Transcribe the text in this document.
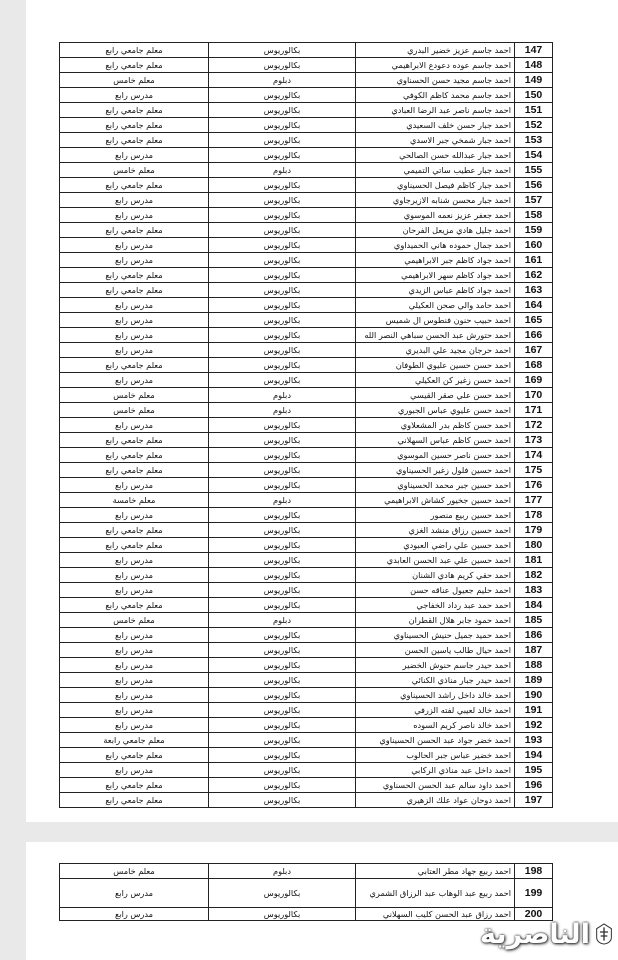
معلم جامعي رابع	بكالوريوس	احمد جاسم عزيز خضير البدري	147
معلم جامعي رابع	بكالوريوس	احمد جاسم عوده دعودع الابراهيمي	148
معلم خامس	دبلوم	احمد جاسم مجيد حسن الحسناوي	149
مدرس رابع	بكالوريوس	احمد جاسم محمد كاظم الكوفي	150
معلم جامعي رابع	بكالوريوس	احمد جاسم ناصر عبد الرضا العبادي	151
معلم جامعي رابع	بكالوريوس	احمد جبار حسن خلف السعيدي	152
معلم جامعي رابع	بكالوريوس	احمد جبار شمخي جبر الاسدي	153
مدرس رابع	بكالوريوس	احمد جبار عبدالله حسن الصالحي	154
معلم خامس	دبلوم	احمد جبار عطيب ساتي التميمي	155
معلم جامعي رابع	بكالوريوس	احمد جبار كاظم فيصل الحسيناوي	156
مدرس رابع	بكالوريوس	احمد جبار محسن شنابه الازيرجاوي	157
مدرس رابع	بكالوريوس	احمد جعفر عزيز نعمه الموسوي	158
معلم جامعي رابع	بكالوريوس	احمد جليل هادي مزيعل الفرحان	159
مدرس رابع	بكالوريوس	احمد جمال حموده هاني الحميداوي	160
مدرس رابع	بكالوريوس	احمد جواد كاظم جبر الابراهيمي	161
معلم جامعي رابع	بكالوريوس	احمد جواد كاظم سهر الابراهيمي	162
معلم جامعي رابع	بكالوريوس	احمد جواد كاظم عباس الزيدي	163
مدرس رابع	بكالوريوس	احمد حامد والي صحن العكيلي	164
مدرس رابع	بكالوريوس	احمد حبيب حنون فنطوس ال شميس	165
مدرس رابع	بكالوريوس	احمد حتورش عبد الحسن سباهي النصر الله	166
مدرس رابع	بكالوريوس	احمد حرجان مجيد علي البديري	167
معلم جامعي رابع	بكالوريوس	احمد حسن حسين عليوي الطوفان	168
مدرس رابع	بكالوريوس	احمد حسن زغير كن العكيلي	169
معلم خامس	دبلوم	احمد حسن علي صقر القيسي	170
معلم خامس	دبلوم	احمد حسن عليوي عباس الجبوري	171
مدرس رابع	بكالوريوس	احمد حسن كاظم بدر المشعلاوي	172
معلم جامعي رابع	بكالوريوس	احمد حسن كاظم عباس السهلاني	173
معلم جامعي رابع	بكالوريوس	احمد حسن ناصر حسين الموسوي	174
معلم جامعي رابع	بكالوريوس	احمد حسين فلول زغير الحسيناوي	175
مدرس رابع	بكالوريوس	احمد حسين جبر محمد الحسيناوي	176
معلم خامسة	دبلوم	احمد حسين جخيور كشاش الابراهيمي	177
مدرس رابع	بكالوريوس	احمد حسين ربيع منصور	178
معلم جامعي رابع	بكالوريوس	احمد حسين رزاق منشد الغزي	179
معلم جامعي رابع	بكالوريوس	احمد حسين علي راضي العبودي	180
مدرس رابع	بكالوريوس	احمد حسين علي عبد الحسن العابدي	181
مدرس رابع	بكالوريوس	احمد حقي كريم هادي الشنان	182
مدرس رابع	بكالوريوس	احمد حليم جعيول عناقه حسن	183
معلم جامعي رابع	بكالوريوس	احمد حمد عبد رداد الخفاجي	184
معلم خامس	دبلوم	احمد حمود جابر هلال القطران	185
مدرس رابع	بكالوريوس	احمد حميد جميل حنيش الحسيناوي	186
مدرس رابع	بكالوريوس	احمد حيال طالب ياسين الحسن	187
مدرس رابع	بكالوريوس	احمد حيدر جاسم حنوش الخضير	188
مدرس رابع	بكالوريوس	احمد حيدر جبار مناذي الكنائي	189
مدرس رابع	بكالوريوس	احمد خالد داخل راشد الحسيناوي	190
مدرس رابع	بكالوريوس	احمد خالد لعيبي لفته الزرفي	191
مدرس رابع	بكالوريوس	احمد خالد ناصر كريم السوده	192
معلم جامعي رابعة	بكالوريوس	احمد خضر جواد عبد الحسن الحسيناوي	193
معلم جامعي رابع	بكالوريوس	احمد خضير عباس جبر الحالوب	194
مدرس رابع	بكالوريوس	احمد داخل عبد مناذي الركابي	195
معلم جامعي رابع	بكالوريوس	احمد داود سالم عبد الحسن الحسناوي	196
معلم جامعي رابع	بكالوريوس	احمد دوحان عواد علك الزهيري	197
معلم خامس	دبلوم	احمد ربيع جهاد مطر العتابي	198
مدرس رابع	بكالوريوس	احمد ربيع عبد الوهاب عبد الرزاق الشمري	199
مدرس رابع	بكالوريوس	احمد رزاق عبد الحسن كليب السهلاني	200
الناصرية
